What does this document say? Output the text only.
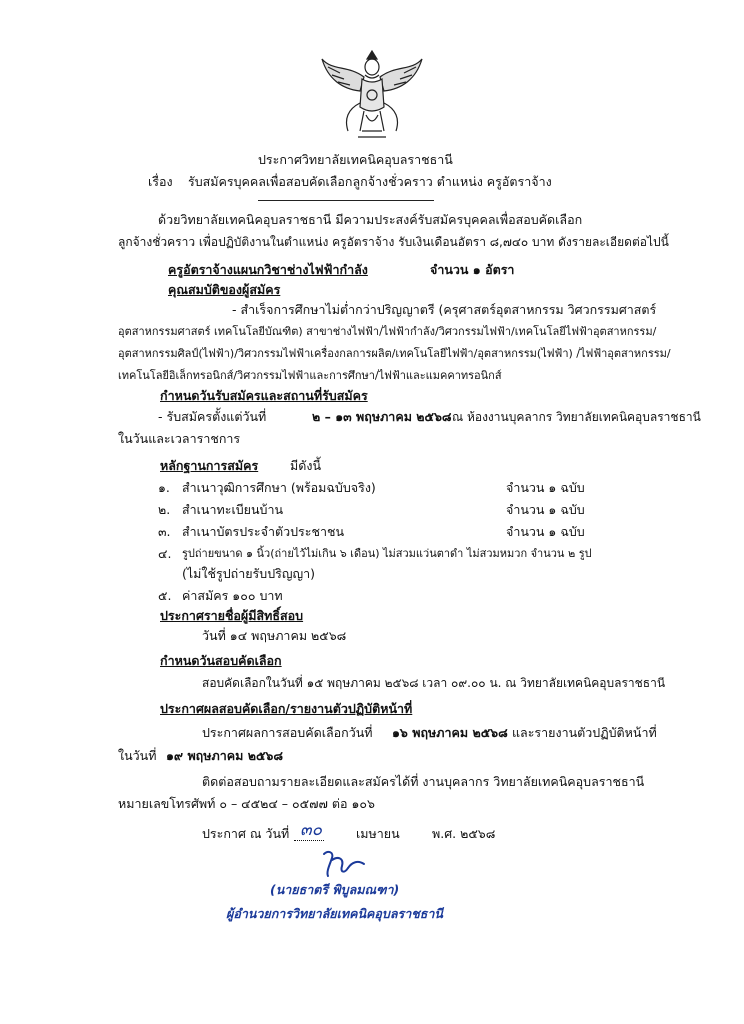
ประกาศวิทยาลัยเทคนิคอุบลราชธานี
เรื่อง รับสมัครบุคคลเพื่อสอบคัดเลือกลูกจ้างชั่วคราว ตำแหน่ง ครูอัตราจ้าง
ด้วยวิทยาลัยเทคนิคอุบลราชธานี มีความประสงค์รับสมัครบุคคลเพื่อสอบคัดเลือก
ลูกจ้างชั่วคราว เพื่อปฏิบัติงานในตำแหน่ง ครูอัตราจ้าง รับเงินเดือนอัตรา ๘,๗๔๐ บาท ดังรายละเอียดต่อไปนี้
ครูอัตราจ้างแผนกวิชาช่างไฟฟ้ากำลัง	จำนวน ๑ อัตรา
คุณสมบัติของผู้สมัคร
- สำเร็จการศึกษาไม่ต่ำกว่าปริญญาตรี (ครุศาสตร์อุตสาหกรรม วิศวกรรมศาสตร์
อุตสาหกรรมศาสตร์ เทคโนโลยีบัณฑิต) สาขาช่างไฟฟ้า/ไฟฟ้ากำลัง/วิศวกรรมไฟฟ้า/เทคโนโลยีไฟฟ้าอุตสาหกรรม/
อุตสาหกรรมศิลป์(ไฟฟ้า)/วิศวกรรมไฟฟ้าเครื่องกลการผลิต/เทคโนโลยีไฟฟ้า/อุตสาหกรรม(ไฟฟ้า) /ไฟฟ้าอุตสาหกรรม/
เทคโนโลยีอิเล็กทรอนิกส์/วิศวกรรมไฟฟ้าและการศึกษา/ไฟฟ้าและแมคคาทรอนิกส์
กำหนดวันรับสมัครและสถานที่รับสมัคร
- รับสมัครตั้งแต่วันที่	๒ – ๑๓ พฤษภาคม ๒๕๖๘ ณ ห้องงานบุคลากร วิทยาลัยเทคนิคอุบลราชธานี
ในวันและเวลาราชการ
หลักฐานการสมัคร	มีดังนี้
๑. สำเนาวุฒิการศึกษา (พร้อมฉบับจริง)	จำนวน ๑ ฉบับ
๒. สำเนาทะเบียนบ้าน	จำนวน ๑ ฉบับ
๓. สำเนาบัตรประจำตัวประชาชน	จำนวน ๑ ฉบับ
๔. รูปถ่ายขนาด ๑ นิ้ว(ถ่ายไว้ไม่เกิน ๖ เดือน) ไม่สวมแว่นตาดำ ไม่สวมหมวก จำนวน ๒ รูป
(ไม่ใช้รูปถ่ายรับปริญญา)
๕. ค่าสมัคร ๑๐๐ บาท
ประกาศรายชื่อผู้มีสิทธิ์สอบ
วันที่ ๑๔ พฤษภาคม ๒๕๖๘
กำหนดวันสอบคัดเลือก
สอบคัดเลือกในวันที่ ๑๕ พฤษภาคม ๒๕๖๘ เวลา ๐๙.๐๐ น. ณ วิทยาลัยเทคนิคอุบลราชธานี
ประกาศผลสอบคัดเลือก/รายงานตัวปฏิบัติหน้าที่
ประกาศผลการสอบคัดเลือกวันที่ ๑๖ พฤษภาคม ๒๕๖๘ และรายงานตัวปฏิบัติหน้าที่
ในวันที่ ๑๙ พฤษภาคม ๒๕๖๘
ติดต่อสอบถามรายละเอียดและสมัครได้ที่ งานบุคลากร วิทยาลัยเทคนิคอุบลราชธานี
หมายเลขโทรศัพท์ ๐ – ๔๕๒๔ – ๐๕๗๗ ต่อ ๑๐๖
ประกาศ ณ วันที่ ๓๐	เมษายน	พ.ศ. ๒๕๖๘
(นายธาตรี พิบูลมณฑา)
ผู้อำนวยการวิทยาลัยเทคนิคอุบลราชธานี
